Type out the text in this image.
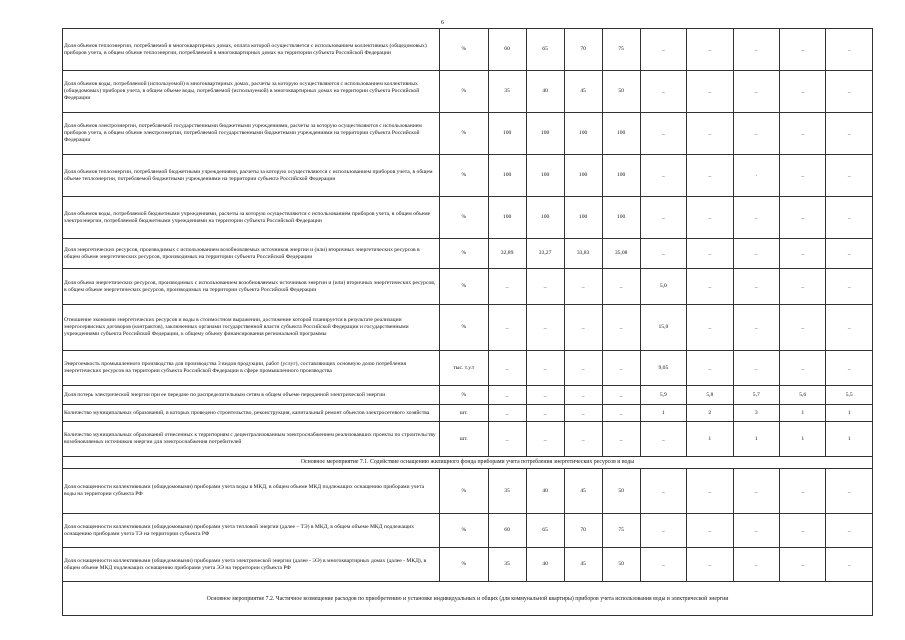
6
Доля объемов теплоэнергии, потребляемой в многоквартирных домах, оплата которой осуществляется с использованием коллективных (общедомовых) приборов учета, в общем объеме теплоэнергии, потребляемой в многоквартирных домах на территории субъекта Российской Федерации	%	60	65	70	75	_	_	_	_	_
Доля объемов воды, потребляемой (используемой) в многоквартирных домах, расчеты за которую осуществляются с использованием коллективных (общедомовых) приборов учета, в общем объеме воды, потребляемой (используемой) в многоквартирных домах на территории субъекта Российской Федерации	%	35	40	45	50	_	_	_	_	_
Доля объемов электроэнергии, потребляемой государственными бюджетными учреждениями, расчеты за которую осуществляются с использованием приборов учета, в общем объеме электроэнергии, потребляемой государственными бюджетными учреждениями на территории субъекта Российской Федерации	%	100	100	100	100	_	_	_	_	_
Доля объемов теплоэнергии, потребляемой бюджетными учреждениями, расчеты за которую осуществляются с использованием приборов учета, в общем объеме теплоэнергии, потребляемой бюджетными учреждениями на территории субъекта Российской Федерации	%	100	100	100	100	_	_	.	_	_
Доля объемов воды, потребляемой бюджетными учреждениями, расчеты за которую осуществляются с использованием приборов учета, в общем объеме электроэнергии, потребляемой бюджетными учреждениями на территории субъекта Российской Федерации	%	100	100	100	100	_	_	_	_	_
Доля энергетических ресурсов, производимых с использованием возобновляемых источников энергии и (или) вторичных энергетических ресурсов в общем объеме энергетических ресурсов, производимых на территории субъекта Российской Федерации	%	32,89	33,27	33,83	35,08	_	_	_	_	_
Доля объема энергетических ресурсов, производимых с использованием возобновляемых источников энергии и (или) вторичных энергетических ресурсов, в общем объеме энергетических ресурсов, производимых на территории субъекта Российской Федерации	%	_	_	_	_	5,0	_	_	_	_
Отношение экономии энергетических ресурсов и воды в стоимостном выражении, достижение которой планируется в результате реализации энергосервисных договоров (контрактов), заключенных органами государственной власти субъекта Российской Федерации и государственными учреждениями субъекта Российской Федерации, к общему объему финансирования региональной программы	%	_	_	_	_	15,0	_	_	_	_
Энергоемкость промышленного производства для производства 3 видов продукции, работ (услуг), составляющих основную долю потребления энергетических ресурсов на территории субъекта Российской Федерации в сфере промышленного производства	тыс. т.у.т	_	_	_	_	9,05	_	_	_	_
Доля потерь электрической энергии при ее передаче по распределительным сетям в общем объеме переданной электрической энергии	%	_	_	_	_	5,9	5,8	5,7	5,6	5,5
Количество муниципальных образований, в которых проведено строительство, реконструкция, капитальный ремонт объектов электросетевого хозяйства	шт.	_	_	_	_	1	2	3	1	1
Количество муниципальных образований отнесенных к территориям с децентрализованным электроснабжением реализовавших проекты по строительству возобновляемых источников энергии для электроснабжения потребителей	шт.	_	_	_	_	_	1	1	1	1
Основное мероприятие 7.1. Содействие оснащению жилищного фонда приборами учета потребления энергетических ресурсов и воды										
Доля оснащенности коллективными (общедомовыми) приборами учета воды в МКД, в общем объеме МКД подлежащих оснащению приборами учета воды на территории субъекта РФ	%	35	40	45	50	_	_	_	_	_
Доля оснащенности коллективными (общедомовыми) приборами учета тепловой энергии (далее – ТЭ) в МКД, в общем объеме МКД подлежащих оснащению приборами учета ТЭ на территории субъекта РФ	%	60	65	70	75	_	_	_	_	_
Доля оснащенности коллективными (общедомовыми) приборами учета электрической энергии (далее - ЭЭ) в многоквартирных домах (далее - МКД), в общем объеме МКД подлежащих оснащению приборами учета ЭЭ на территории субъекта РФ	%	35	40	45	50	_	_	_	_	_
Основное мероприятие 7.2. Частичное возмещение расходов по приобретению и установке индивидуальных и общих (для коммунальной квартиры) приборов учета использования воды и электрической энергии
